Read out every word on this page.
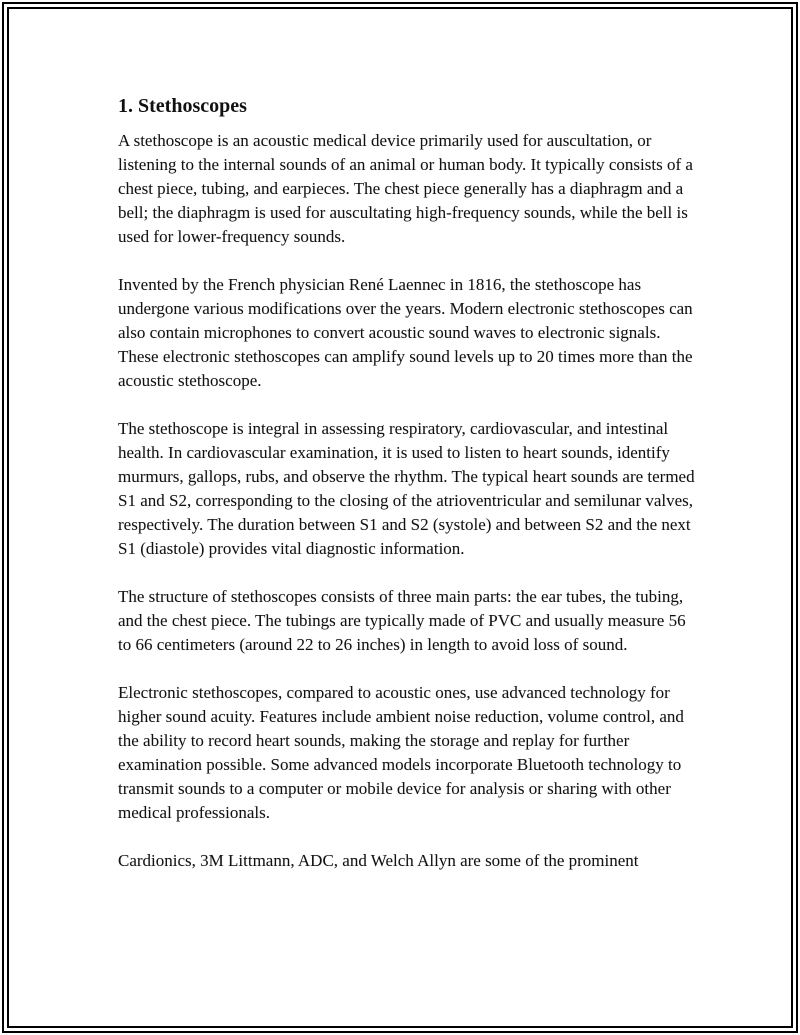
1. Stethoscopes

A stethoscope is an acoustic medical device primarily used for auscultation, or listening to the internal sounds of an animal or human body. It typically consists of a chest piece, tubing, and earpieces. The chest piece generally has a diaphragm and a bell; the diaphragm is used for auscultating high-frequency sounds, while the bell is used for lower-frequency sounds.

Invented by the French physician René Laennec in 1816, the stethoscope has undergone various modifications over the years. Modern electronic stethoscopes can also contain microphones to convert acoustic sound waves to electronic signals. These electronic stethoscopes can amplify sound levels up to 20 times more than the acoustic stethoscope.

The stethoscope is integral in assessing respiratory, cardiovascular, and intestinal health. In cardiovascular examination, it is used to listen to heart sounds, identify murmurs, gallops, rubs, and observe the rhythm. The typical heart sounds are termed S1 and S2, corresponding to the closing of the atrioventricular and semilunar valves, respectively. The duration between S1 and S2 (systole) and between S2 and the next S1 (diastole) provides vital diagnostic information.

The structure of stethoscopes consists of three main parts: the ear tubes, the tubing, and the chest piece. The tubings are typically made of PVC and usually measure 56 to 66 centimeters (around 22 to 26 inches) in length to avoid loss of sound.

Electronic stethoscopes, compared to acoustic ones, use advanced technology for higher sound acuity. Features include ambient noise reduction, volume control, and the ability to record heart sounds, making the storage and replay for further examination possible. Some advanced models incorporate Bluetooth technology to transmit sounds to a computer or mobile device for analysis or sharing with other medical professionals.

Cardionics, 3M Littmann, ADC, and Welch Allyn are some of the prominent
